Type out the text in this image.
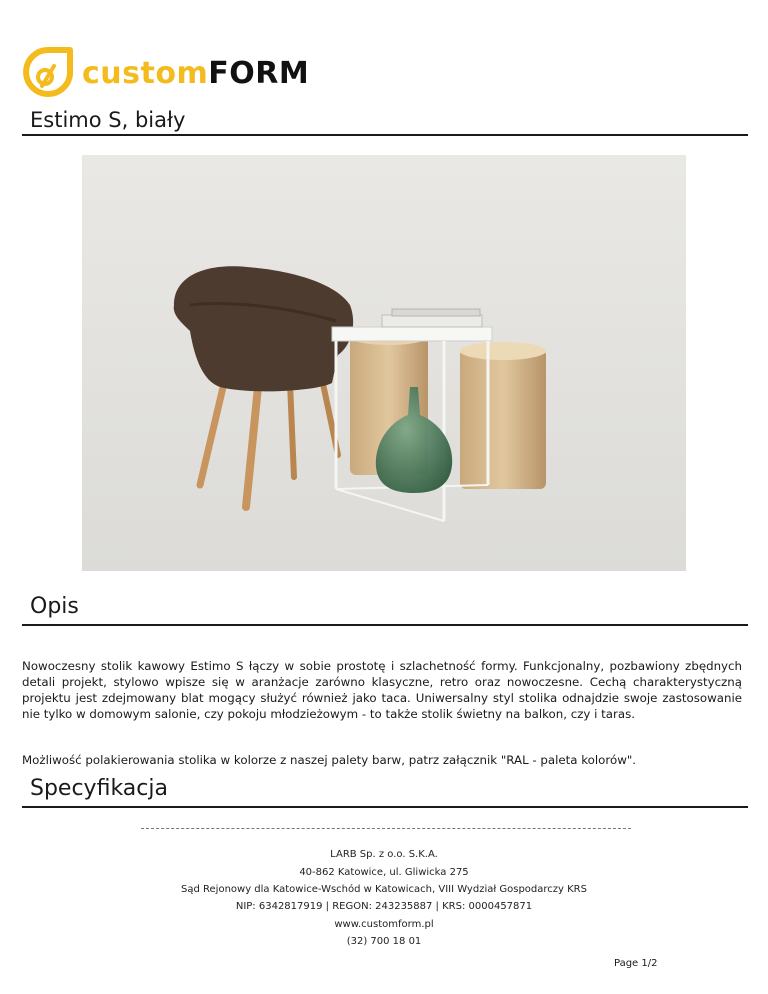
customFORM
Estimo S, biały
Opis

Nowoczesny stolik kawowy Estimo S łączy w sobie prostotę i szlachetność formy. Funkcjonalny, pozbawiony zbędnych detali projekt, stylowo wpisze się w aranżacje zarówno klasyczne, retro oraz nowoczesne. Cechą charakterystyczną projektu jest zdejmowany blat mogący służyć również jako taca. Uniwersalny styl stolika odnajdzie swoje zastosowanie nie tylko w domowym salonie, czy pokoju młodzieżowym - to także stolik świetny na balkon, czy i taras.

Możliwość polakierowania stolika w kolorze z naszej palety barw, patrz załącznik "RAL - paleta kolorów".

Specyfikacja
LARB Sp. z o.o. S.K.A.
40-862 Katowice, ul. Gliwicka 275
Sąd Rejonowy dla Katowice-Wschód w Katowicach, VIII Wydział Gospodarczy KRS
NIP: 6342817919 | REGON: 243235887 | KRS: 0000457871
www.customform.pl
(32) 700 18 01
Page 1/2
